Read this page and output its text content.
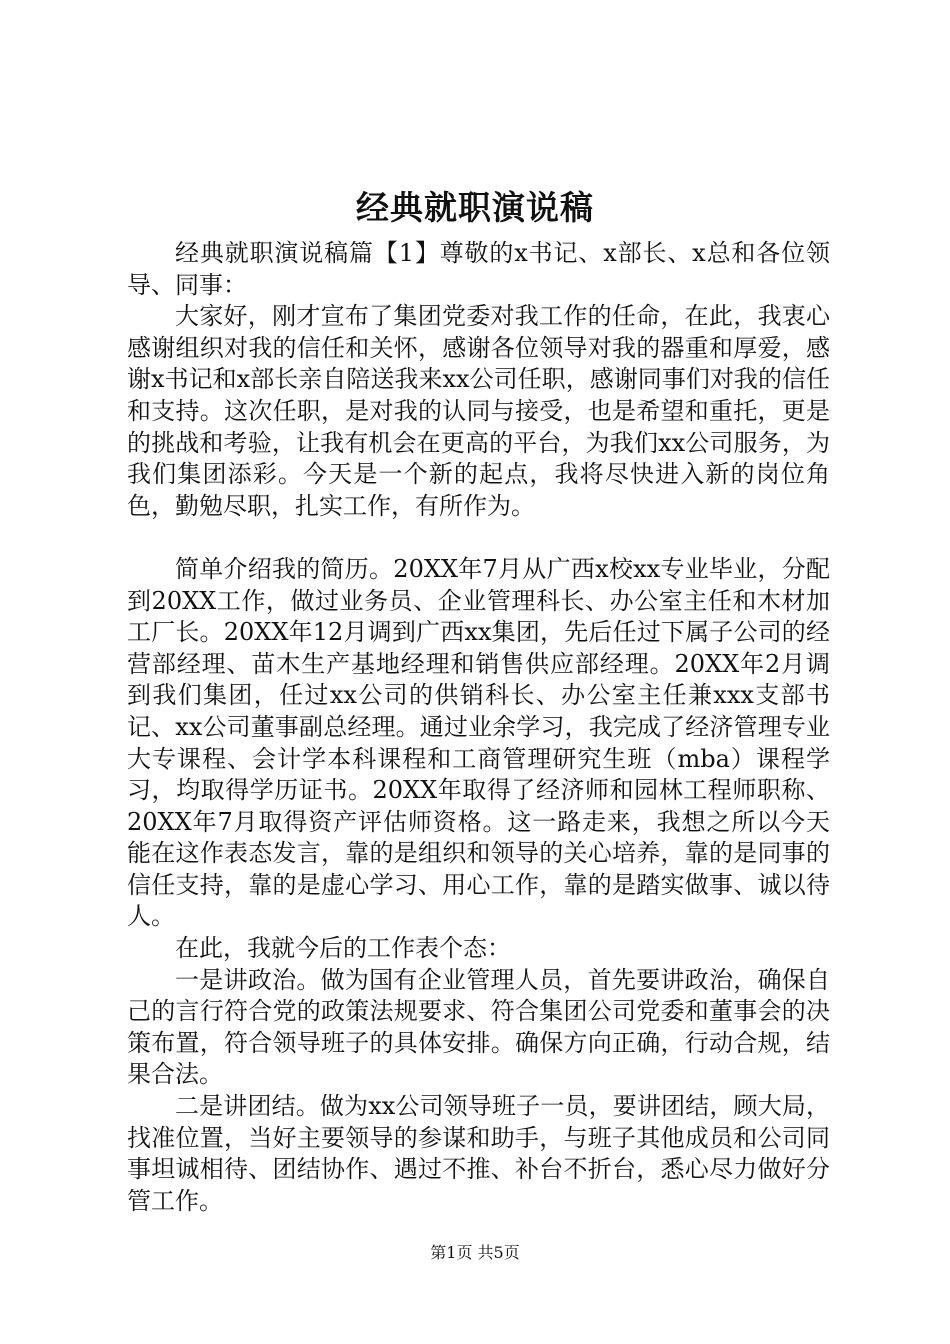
经典就职演说稿

经典就职演说稿篇【1】尊敬的x书记、x部长、x总和各位领导、同事：

大家好，刚才宣布了集团党委对我工作的任命，在此，我衷心感谢组织对我的信任和关怀，感谢各位领导对我的器重和厚爱，感谢x书记和x部长亲自陪送我来xx公司任职，感谢同事们对我的信任和支持。这次任职，是对我的认同与接受，也是希望和重托，更是的挑战和考验，让我有机会在更高的平台，为我们xx公司服务，为我们集团添彩。今天是一个新的起点，我将尽快进入新的岗位角色，勤勉尽职，扎实工作，有所作为。

简单介绍我的简历。20XX年7月从广西x校xx专业毕业，分配到20XX工作，做过业务员、企业管理科长、办公室主任和木材加工厂长。20XX年12月调到广西xx集团，先后任过下属子公司的经营部经理、苗木生产基地经理和销售供应部经理。20XX年2月调到我们集团，任过xx公司的供销科长、办公室主任兼xxx支部书记、xx公司董事副总经理。通过业余学习，我完成了经济管理专业大专课程、会计学本科课程和工商管理研究生班（mba）课程学习，均取得学历证书。20XX年取得了经济师和园林工程师职称、20XX年7月取得资产评估师资格。这一路走来，我想之所以今天能在这作表态发言，靠的是组织和领导的关心培养，靠的是同事的信任支持，靠的是虚心学习、用心工作，靠的是踏实做事、诚以待人。

在此，我就今后的工作表个态：

一是讲政治。做为国有企业管理人员，首先要讲政治，确保自己的言行符合党的政策法规要求、符合集团公司党委和董事会的决策布置，符合领导班子的具体安排。确保方向正确，行动合规，结果合法。

二是讲团结。做为xx公司领导班子一员，要讲团结，顾大局，找准位置，当好主要领导的参谋和助手，与班子其他成员和公司同事坦诚相待、团结协作、遇过不推、补台不折台，悉心尽力做好分管工作。

第1页 共5页
